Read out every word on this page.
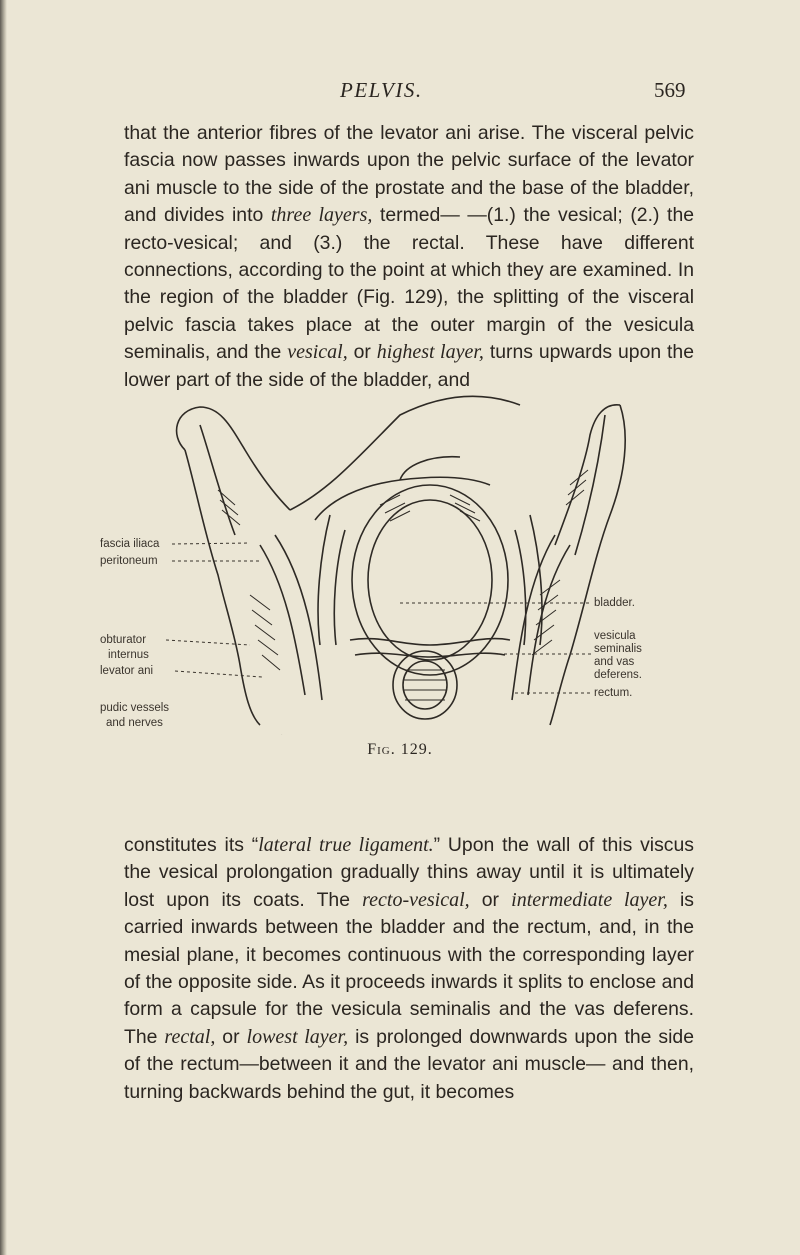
PELVIS.	569

that the anterior fibres of the levator ani arise. The visceral pelvic fascia now passes inwards upon the pelvic surface of the levator ani muscle to the side of the prostate and the base of the bladder, and divides into three layers, termed— —(1.) the vesical; (2.) the recto-vesical; and (3.) the rectal. These have different connections, according to the point at which they are examined. In the region of the bladder (Fig. 129), the splitting of the visceral pelvic fascia takes place at the outer margin of the vesicula seminalis, and the vesical, or highest layer, turns upwards upon the lower part of the side of the bladder, and

fascia iliaca
peritoneum
obturator
internus
levator ani
pudic vessels
and nerves
bladder.
vesicula
seminalis
and vas
deferens.
rectum.
Fig. 129.

constitutes its “lateral true ligament.” Upon the wall of this viscus the vesical prolongation gradually thins away until it is ultimately lost upon its coats. The recto-vesical, or intermediate layer, is carried inwards between the bladder and the rectum, and, in the mesial plane, it becomes continuous with the corresponding layer of the opposite side. As it proceeds inwards it splits to enclose and form a capsule for the vesicula seminalis and the vas deferens. The rectal, or lowest layer, is prolonged downwards upon the side of the rectum—between it and the levator ani muscle— and then, turning backwards behind the gut, it becomes
